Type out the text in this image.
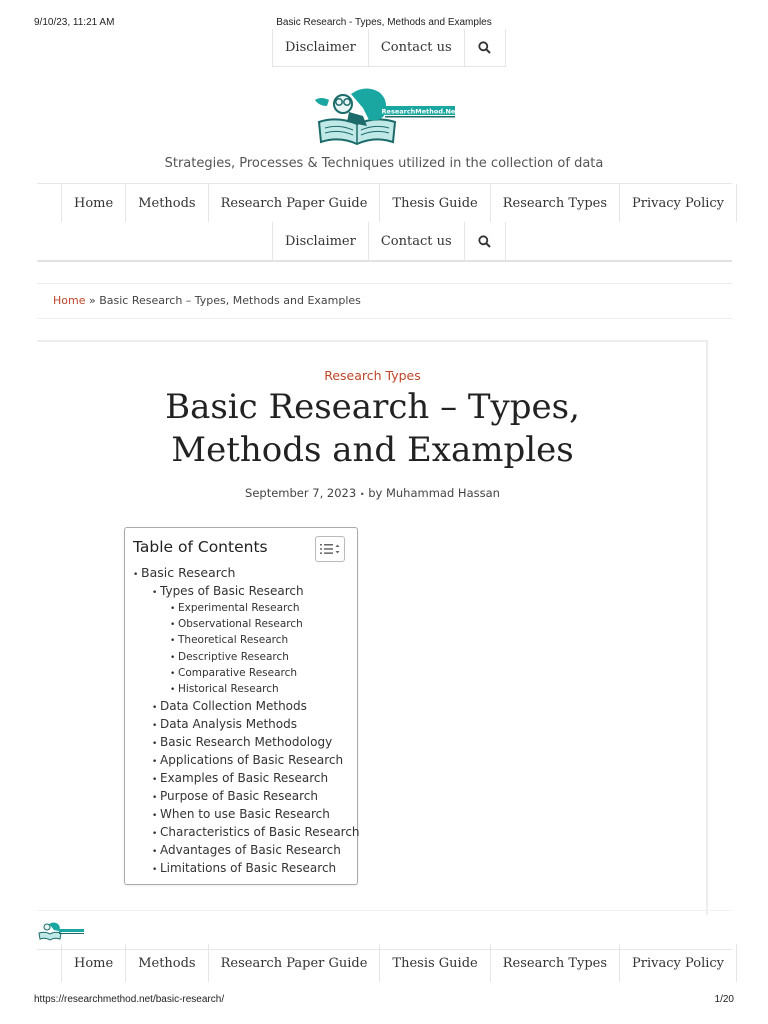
9/10/23, 11:21 AM	Basic Research - Types, Methods and Examples
Disclaimer	Contact us
ResearchMethod.Net
Strategies, Processes & Techniques utilized in the collection of data
Home	Methods	Research Paper Guide	Thesis Guide	Research Types	Privacy Policy
Disclaimer	Contact us
Home » Basic Research – Types, Methods and Examples
Research Types
Basic Research – Types,
Methods and Examples
September 7, 2023 • by Muhammad Hassan
Table of Contents
• Basic Research
• Types of Basic Research
• Experimental Research
• Observational Research
• Theoretical Research
• Descriptive Research
• Comparative Research
• Historical Research
• Data Collection Methods
• Data Analysis Methods
• Basic Research Methodology
• Applications of Basic Research
• Examples of Basic Research
• Purpose of Basic Research
• When to use Basic Research
• Characteristics of Basic Research
• Advantages of Basic Research
• Limitations of Basic Research
Home	Methods	Research Paper Guide	Thesis Guide	Research Types	Privacy Policy
https://researchmethod.net/basic-research/	1/20
